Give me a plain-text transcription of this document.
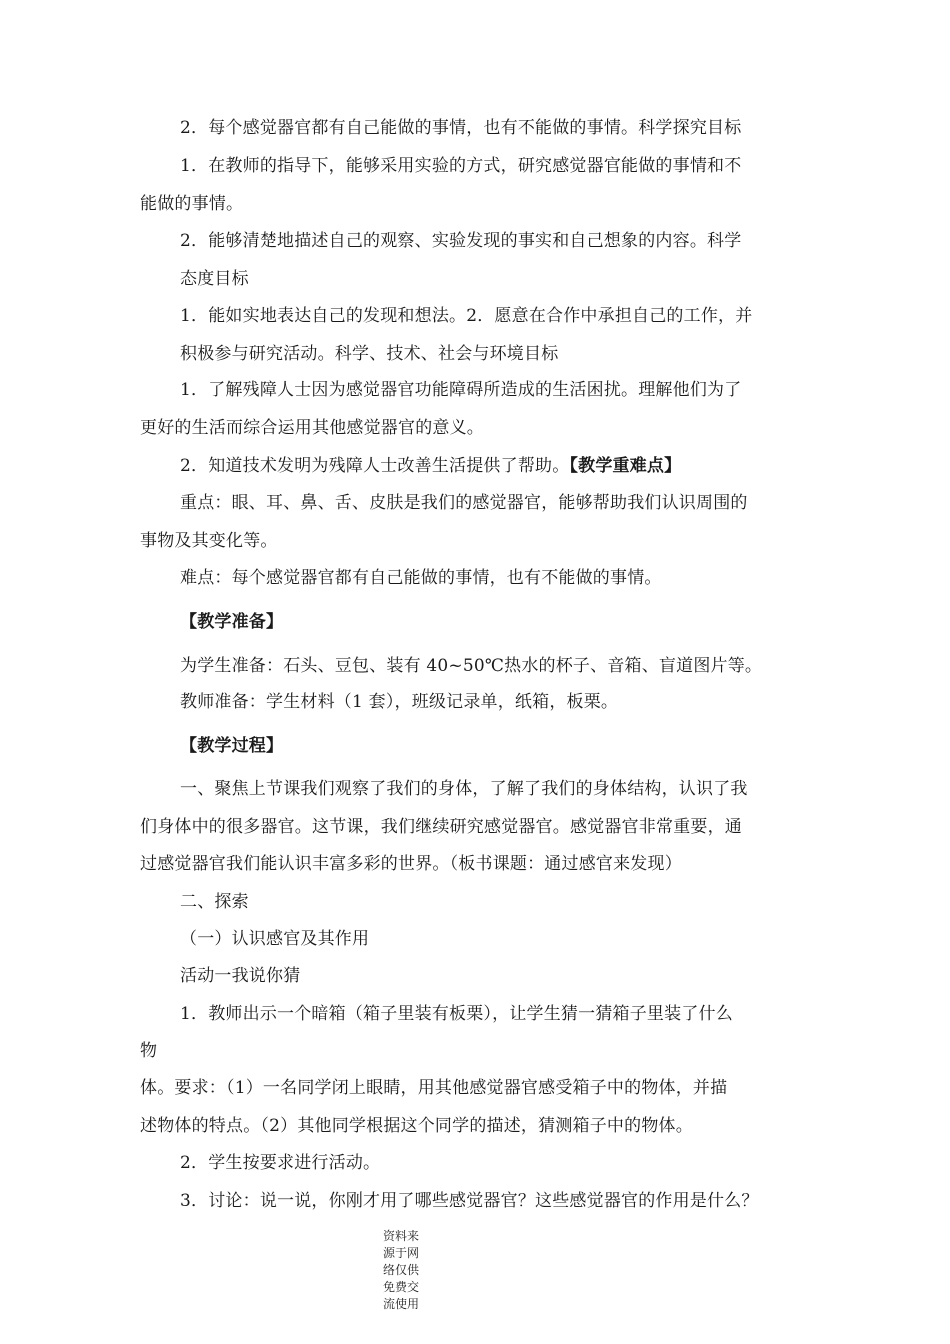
2．每个感觉器官都有自己能做的事情，也有不能做的事情。科学探究目标
1．在教师的指导下，能够采用实验的方式，研究感觉器官能做的事情和不
能做的事情。
2．能够清楚地描述自己的观察、实验发现的事实和自己想象的内容。科学
态度目标
1．能如实地表达自己的发现和想法。2．愿意在合作中承担自己的工作，并
积极参与研究活动。科学、技术、社会与环境目标
1．了解残障人士因为感觉器官功能障碍所造成的生活困扰。理解他们为了
更好的生活而综合运用其他感觉器官的意义。
2．知道技术发明为残障人士改善生活提供了帮助。【教学重难点】
重点：眼、耳、鼻、舌、皮肤是我们的感觉器官，能够帮助我们认识周围的
事物及其变化等。
难点：每个感觉器官都有自己能做的事情，也有不能做的事情。
【教学准备】
为学生准备：石头、豆包、装有 40~50℃热水的杯子、音箱、盲道图片等。
教师准备：学生材料（1 套），班级记录单，纸箱，板栗。
【教学过程】
一、聚焦上节课我们观察了我们的身体，了解了我们的身体结构，认识了我
们身体中的很多器官。这节课，我们继续研究感觉器官。感觉器官非常重要，通
过感觉器官我们能认识丰富多彩的世界。（板书课题：通过感官来发现）
二、探索
（一）认识感官及其作用
活动一我说你猜
1．教师出示一个暗箱（箱子里装有板栗），让学生猜一猜箱子里装了什么
物
体。要求：（1）一名同学闭上眼睛，用其他感觉器官感受箱子中的物体，并描
述物体的特点。（2）其他同学根据这个同学的描述，猜测箱子中的物体。
2．学生按要求进行活动。
3．讨论：说一说，你刚才用了哪些感觉器官？这些感觉器官的作用是什么？
资料来
源于网
络仅供
免费交
流使用
